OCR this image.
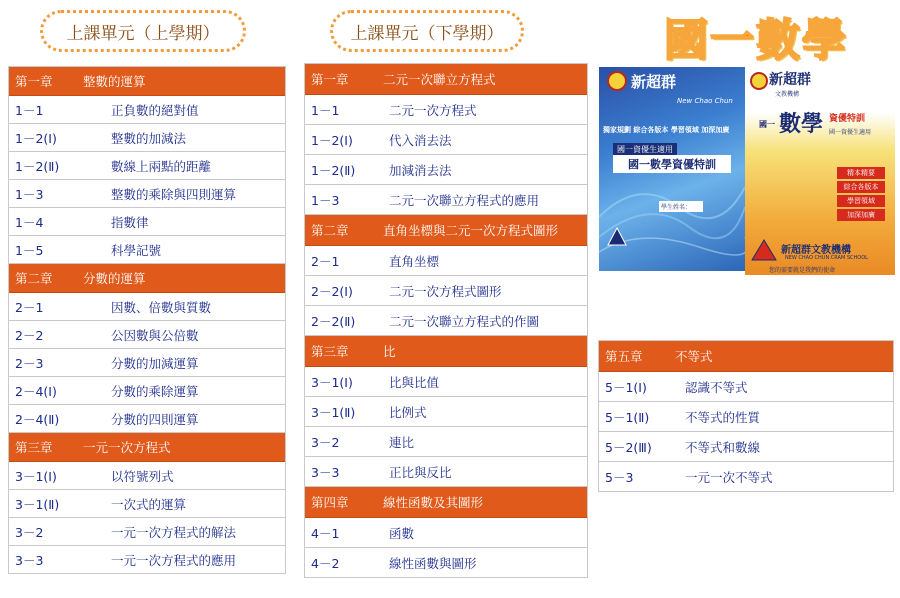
上課單元（上學期）	上課單元（下學期）	國一數學
新超群
New Chao Chun
獨家規劃 綜合各版本 學習領域 加深加廣
國一資優生適用
國一數學資優特訓
學生姓名：
新超群
文教機構
國一 數學 資優特訓
國一資優生適用
精本精要
綜合各版本
學習領域
加深加廣
新超群文教機構
NEW CHAO CHUN CRAM SCHOOL
您的需要就是我們的使命
第一章	整數的運算
1－1	正負數的絕對值
1－2(Ⅰ)	整數的加減法
1－2(Ⅱ)	數線上兩點的距離
1－3	整數的乘除與四則運算
1－4	指數律
1－5	科學記號
第二章	分數的運算
2－1	因數、倍數與質數
2－2	公因數與公倍數
2－3	分數的加減運算
2－4(Ⅰ)	分數的乘除運算
2－4(Ⅱ)	分數的四則運算
第三章	一元一次方程式
3－1(Ⅰ)	以符號列式
3－1(Ⅱ)	一次式的運算
3－2	一元一次方程式的解法
3－3	一元一次方程式的應用
第一章	二元一次聯立方程式
1－1	二元一次方程式
1－2(Ⅰ)	代入消去法
1－2(Ⅱ)	加減消去法
1－3	二元一次聯立方程式的應用
第二章	直角坐標與二元一次方程式圖形
2－1	直角坐標
2－2(Ⅰ)	二元一次方程式圖形
2－2(Ⅱ)	二元一次聯立方程式的作圖
第三章	比
3－1(Ⅰ)	比與比值
3－1(Ⅱ)	比例式
3－2	連比
3－3	正比與反比
第四章	線性函數及其圖形
4－1	函數
4－2	線性函數與圖形
第五章	不等式
5－1(Ⅰ)	認識不等式
5－1(Ⅱ)	不等式的性質
5－2(Ⅲ)	不等式和數線
5－3	一元一次不等式
